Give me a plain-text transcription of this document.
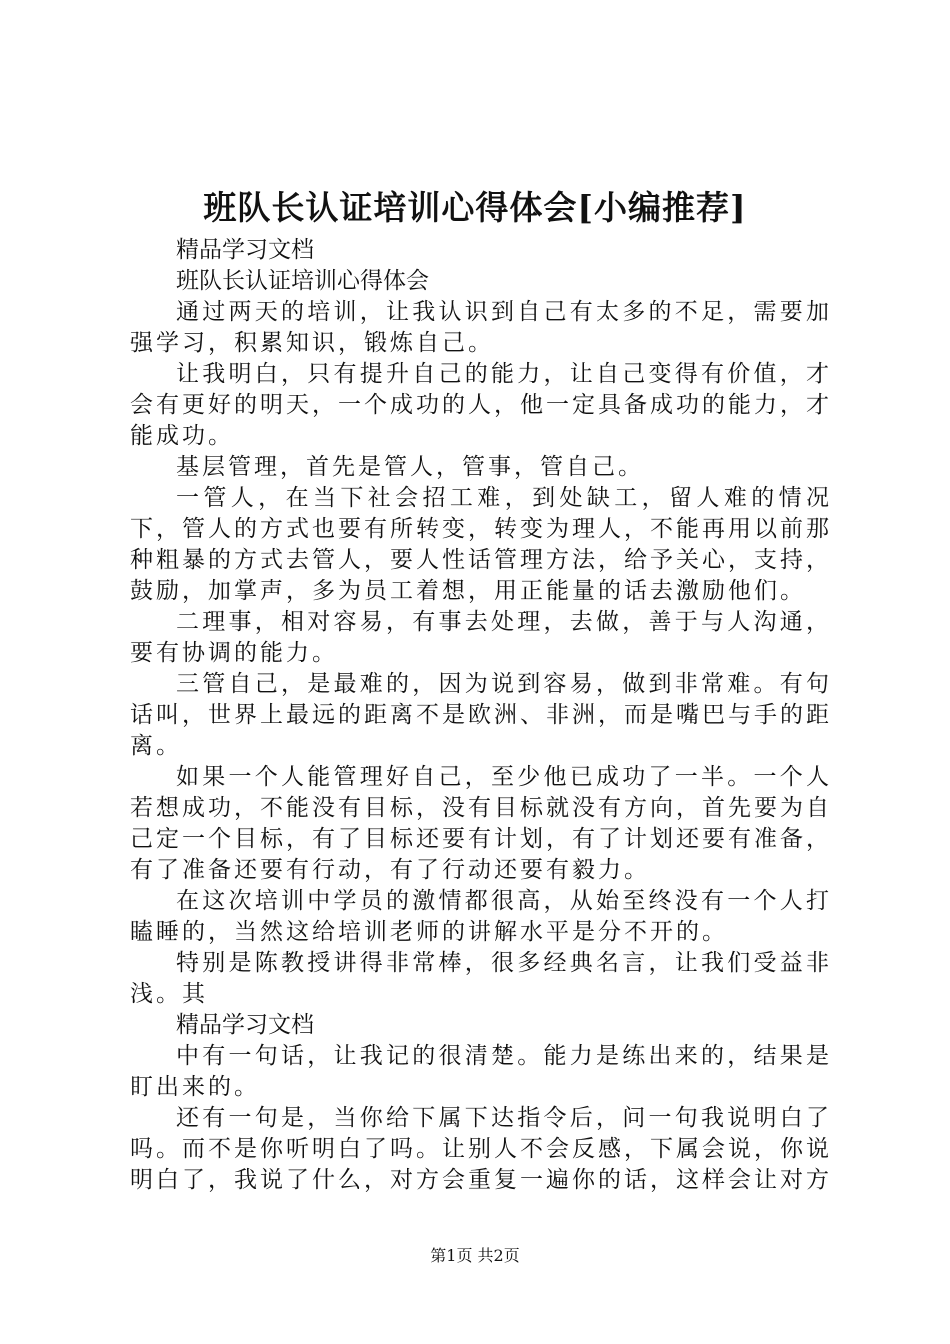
班队长认证培训心得体会[小编推荐]

精品学习文档

班队长认证培训心得体会

通过两天的培训，让我认识到自己有太多的不足，需要加强学习，积累知识，锻炼自己。

让我明白，只有提升自己的能力，让自己变得有价值，才会有更好的明天，一个成功的人，他一定具备成功的能力，才能成功。

基层管理，首先是管人，管事，管自己。

一管人，在当下社会招工难，到处缺工，留人难的情况下，管人的方式也要有所转变，转变为理人，不能再用以前那种粗暴的方式去管人，要人性话管理方法，给予关心，支持，鼓励，加掌声，多为员工着想，用正能量的话去激励他们。

二理事，相对容易，有事去处理，去做，善于与人沟通，要有协调的能力。

三管自己，是最难的，因为说到容易，做到非常难。有句话叫，世界上最远的距离不是欧洲、非洲，而是嘴巴与手的距离。

如果一个人能管理好自己，至少他已成功了一半。一个人若想成功，不能没有目标，没有目标就没有方向，首先要为自己定一个目标，有了目标还要有计划，有了计划还要有准备，有了准备还要有行动，有了行动还要有毅力。

在这次培训中学员的激情都很高，从始至终没有一个人打瞌睡的，当然这给培训老师的讲解水平是分不开的。

特别是陈教授讲得非常棒，很多经典名言，让我们受益非浅。其

精品学习文档

中有一句话，让我记的很清楚。能力是练出来的，结果是盯出来的。

还有一句是，当你给下属下达指令后，问一句我说明白了吗。而不是你听明白了吗。让别人不会反感，下属会说，你说明白了，我说了什么，对方会重复一遍你的话，这样会让对方

第1页 共2页
